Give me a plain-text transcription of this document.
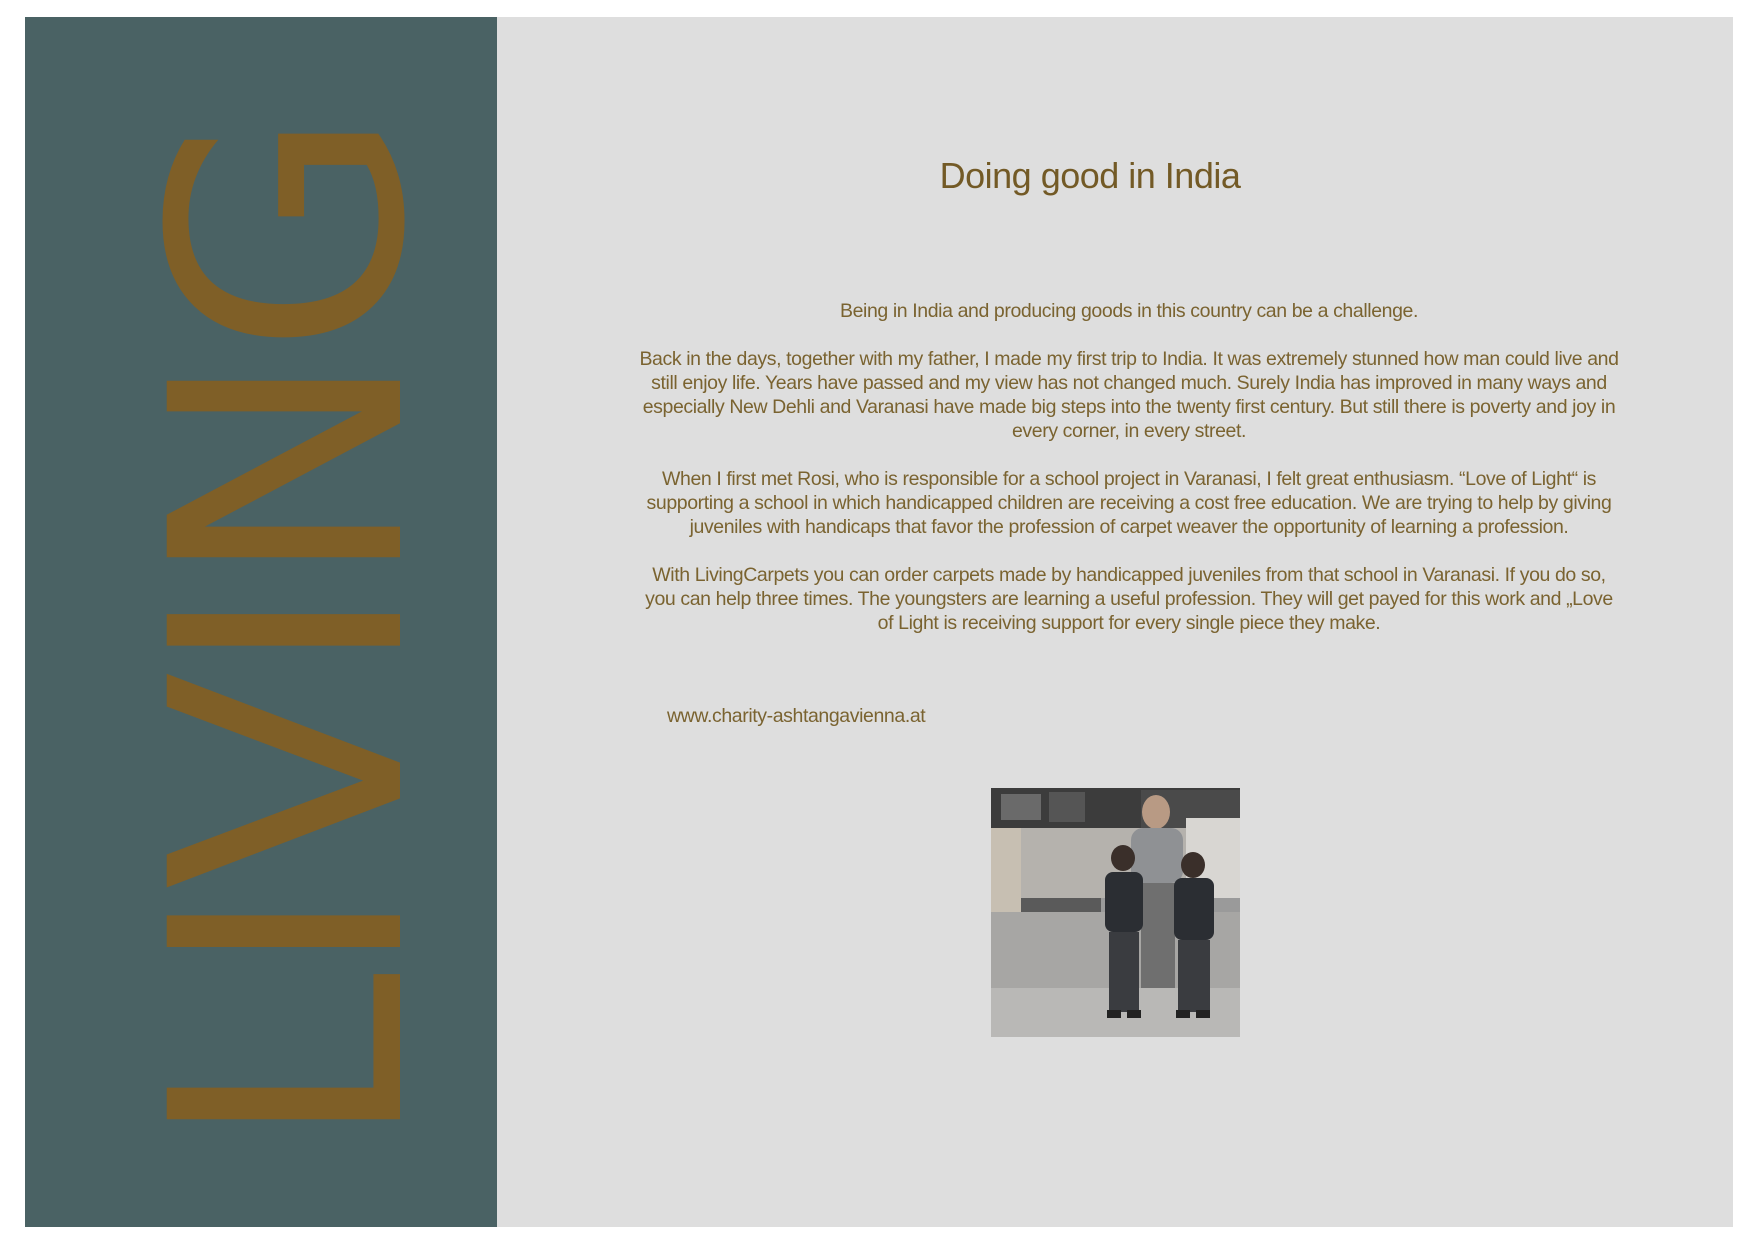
LIVING	Doing good in India

Being in India and producing goods in this country can be a challenge.

Back in the days, together with my father, I made my first trip to India. It was extremely stunned how man could live and still enjoy life. Years have passed and my view has not changed much. Surely India has improved in many ways and especially New Dehli and Varanasi have made big steps into the twenty first century. But still there is poverty and joy in every corner, in every street.

When I first met Rosi, who is responsible for a school project in Varanasi, I felt great enthusiasm. “Love of Light“ is supporting a school in which handicapped children are receiving a cost free education. We are trying to help by giving juveniles with handicaps that favor the profession of carpet weaver the opportunity of learning a profession.

With LivingCarpets you can order carpets made by handicapped juveniles from that school in Varanasi. If you do so, you can help three times. The youngsters are learning a useful profession. They will get payed for this work and „Love of Light is receiving support for every single piece they make.

www.charity-ashtangavienna.at
